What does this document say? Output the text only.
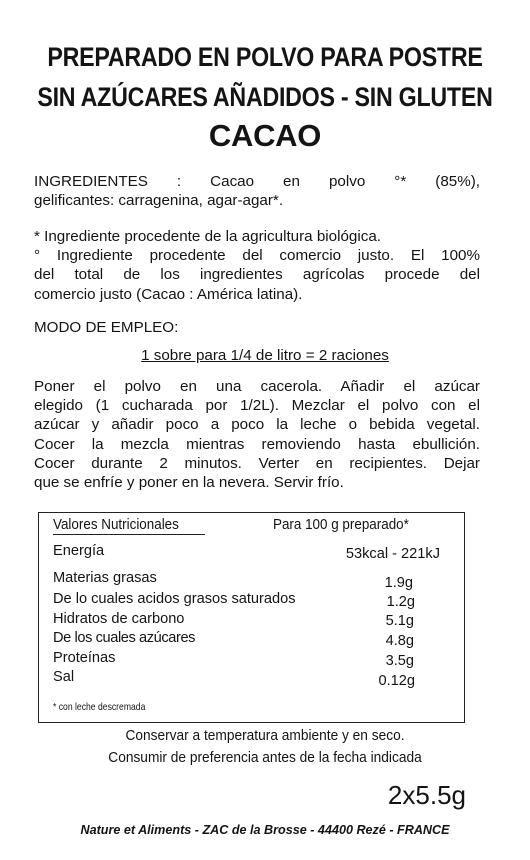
PREPARADO EN POLVO PARA POSTRE
SIN AZÚCARES AÑADIDOS - SIN GLUTEN
CACAO
INGREDIENTES : Cacao en polvo °* (85%),
gelificantes: carragenina, agar-agar*.
* Ingrediente procedente de la agricultura biológica.
° Ingrediente procedente del comercio justo. El 100%
del total de los ingredientes agrícolas procede del
comercio justo (Cacao : América latina).
MODO DE EMPLEO:
1 sobre para 1/4 de litro = 2 raciones
Poner el polvo en una cacerola. Añadir el azúcar
elegido (1 cucharada por 1/2L). Mezclar el polvo con el
azúcar y añadir poco a poco la leche o bebida vegetal.
Cocer la mezcla mientras removiendo hasta ebullición.
Cocer durante 2 minutos. Verter en recipientes. Dejar
que se enfríe y poner en la nevera. Servir frío.
Valores Nutricionales	Para 100 g preparado*
Energía	53kcal - 221kJ
Materias grasas	1.9g
De lo cuales acidos grasos saturados	1.2g
Hidratos de carbono	5.1g
De los cuales azúcares	4.8g
Proteínas	3.5g
Sal	0.12g
* con leche descremada
Conservar a temperatura ambiente y en seco.
Consumir de preferencia antes de la fecha indicada
2x5.5g
Nature et Aliments - ZAC de la Brosse - 44400 Rezé - FRANCE
